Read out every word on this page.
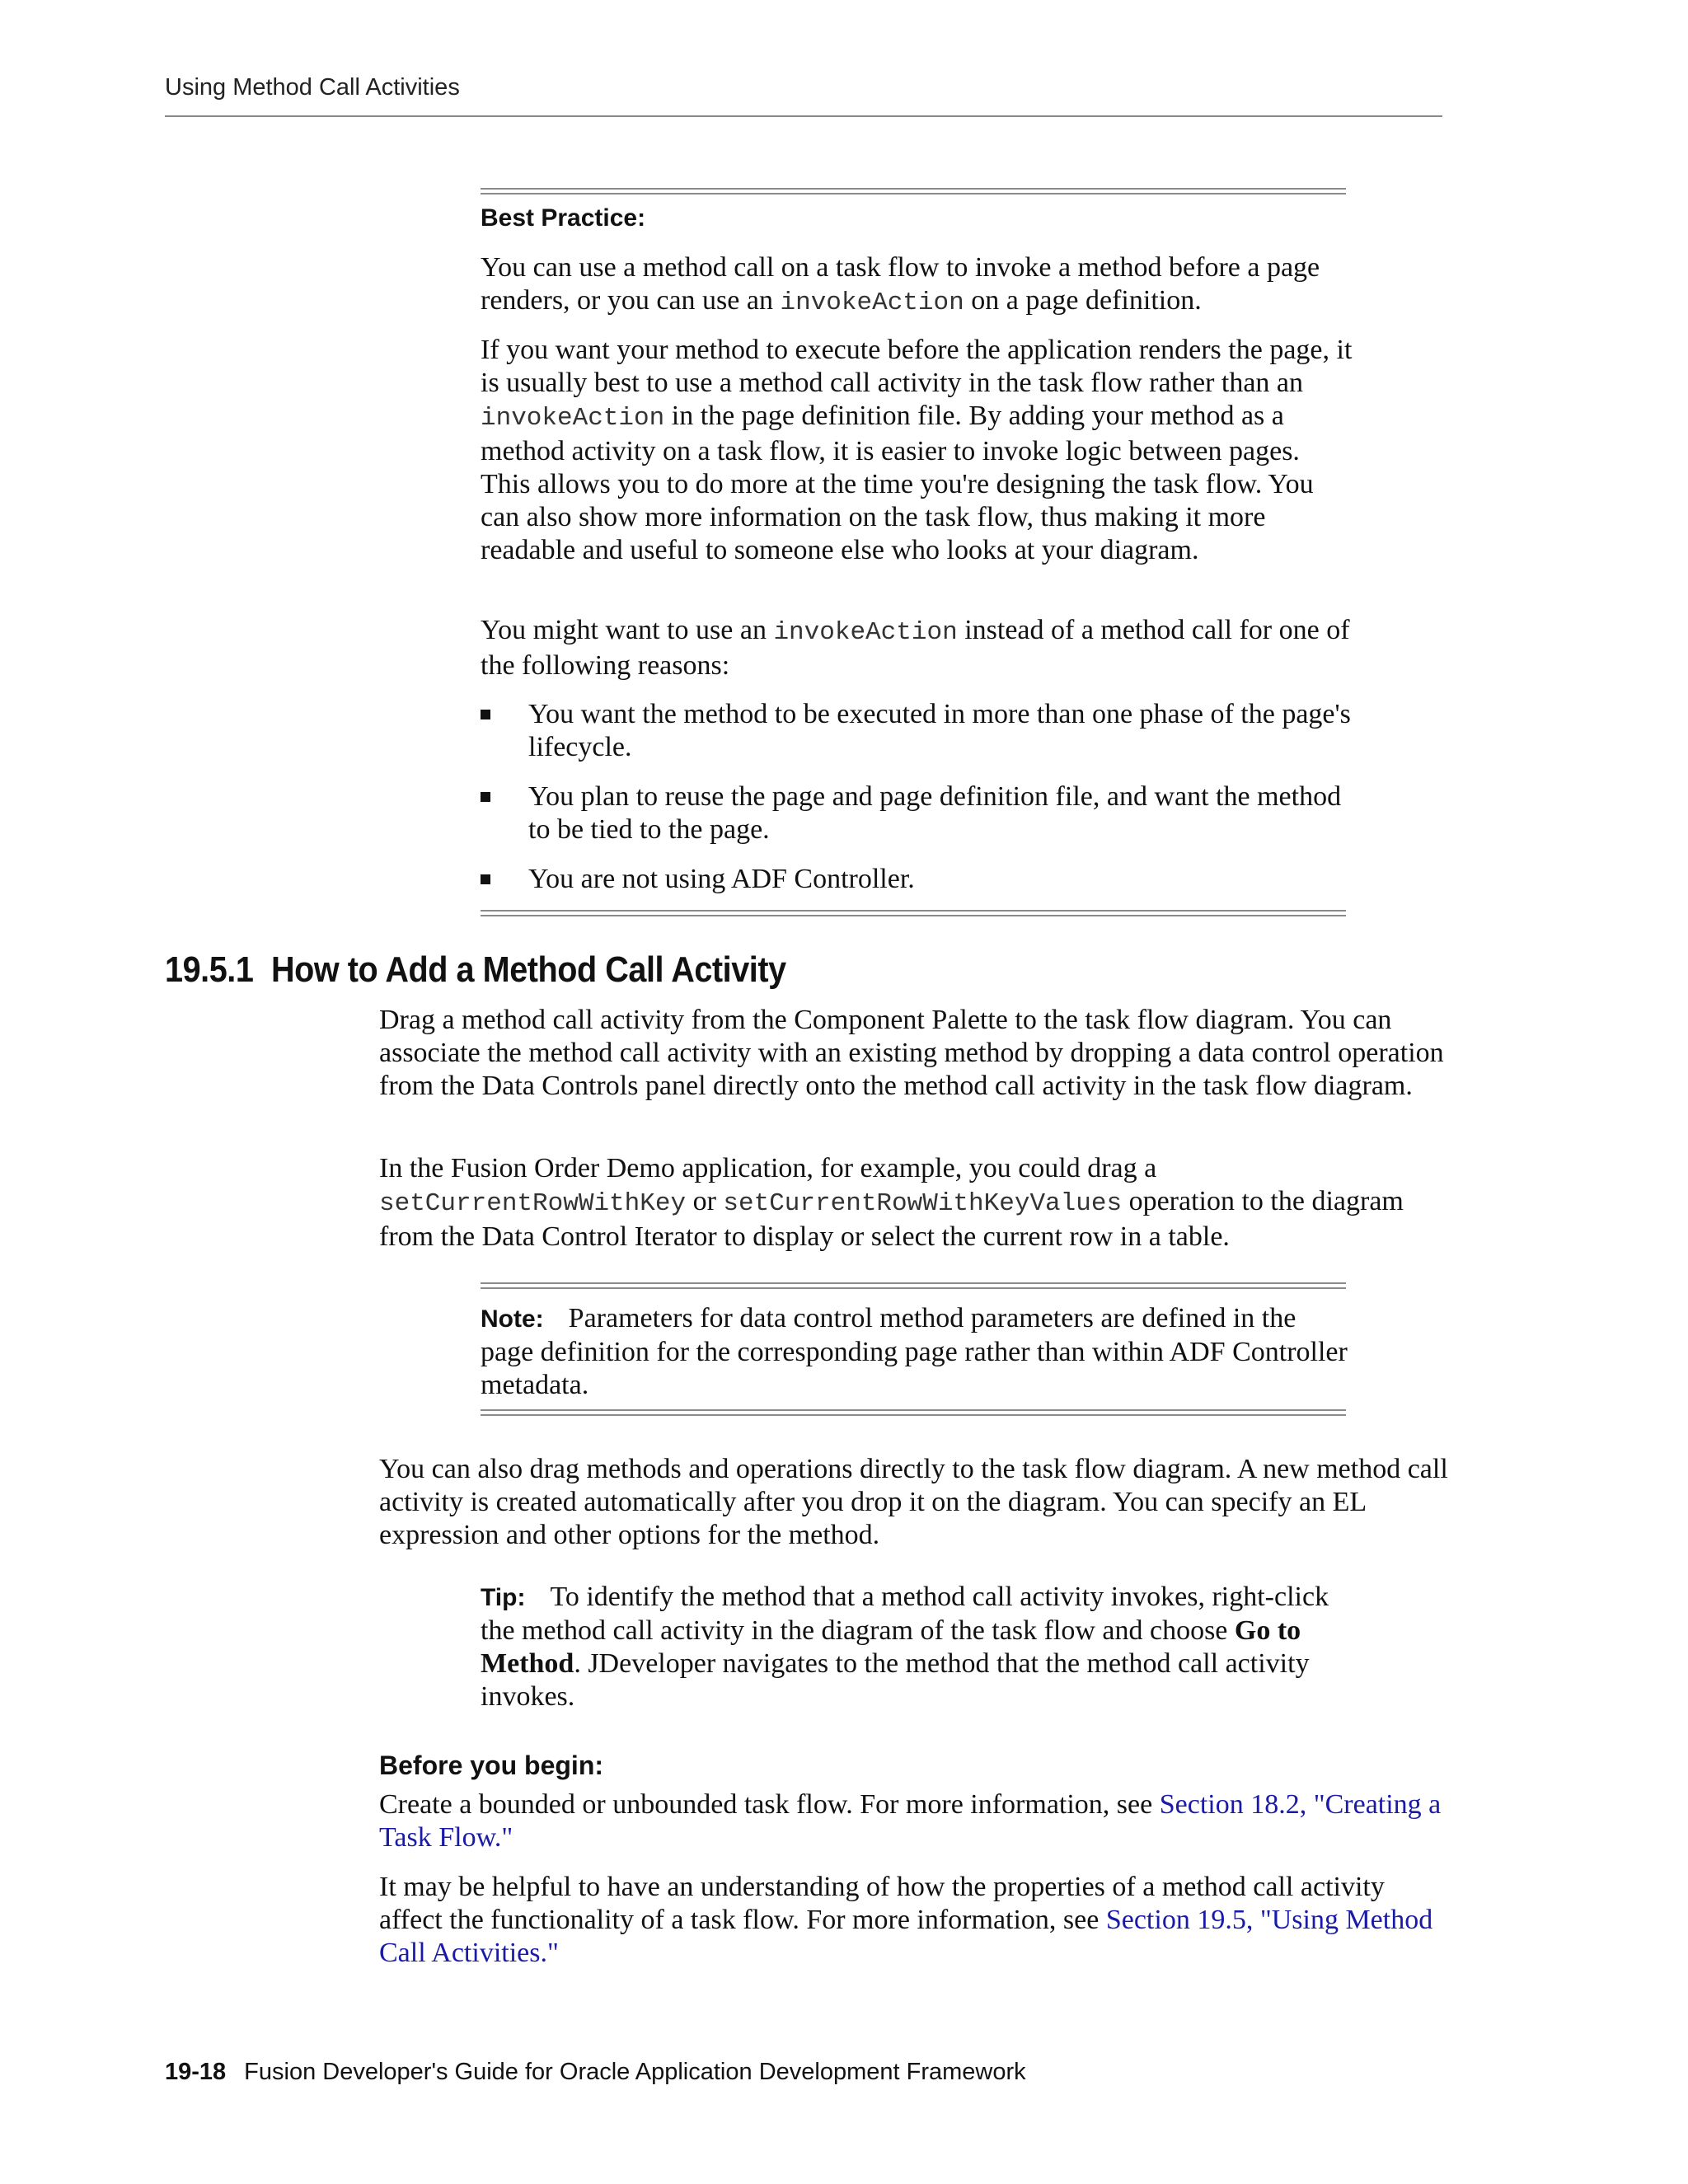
Using Method Call Activities
Best Practice:

You can use a method call on a task flow to invoke a method before a page renders, or you can use an invokeAction on a page definition.

If you want your method to execute before the application renders the page, it is usually best to use a method call activity in the task flow rather than an invokeAction in the page definition file. By adding your method as a method activity on a task flow, it is easier to invoke logic between pages. This allows you to do more at the time you're designing the task flow. You can also show more information on the task flow, thus making it more readable and useful to someone else who looks at your diagram.

You might want to use an invokeAction instead of a method call for one of the following reasons:

You want the method to be executed in more than one phase of the page's lifecycle.
You plan to reuse the page and page definition file, and want the method to be tied to the page.
You are not using ADF Controller.
19.5.1 How to Add a Method Call Activity

Drag a method call activity from the Component Palette to the task flow diagram. You can associate the method call activity with an existing method by dropping a data control operation from the Data Controls panel directly onto the method call activity in the task flow diagram.

In the Fusion Order Demo application, for example, you could drag a setCurrentRowWithKey or setCurrentRowWithKeyValues operation to the diagram from the Data Control Iterator to display or select the current row in a table.

Note: Parameters for data control method parameters are defined in the page definition for the corresponding page rather than within ADF Controller metadata.

You can also drag methods and operations directly to the task flow diagram. A new method call activity is created automatically after you drop it on the diagram. You can specify an EL expression and other options for the method.

Tip: To identify the method that a method call activity invokes, right-click the method call activity in the diagram of the task flow and choose Go to Method. JDeveloper navigates to the method that the method call activity invokes.

Before you begin:

Create a bounded or unbounded task flow. For more information, see Section 18.2, "Creating a Task Flow."

It may be helpful to have an understanding of how the properties of a method call activity affect the functionality of a task flow. For more information, see Section 19.5, "Using Method Call Activities."

19-18 Fusion Developer's Guide for Oracle Application Development Framework
